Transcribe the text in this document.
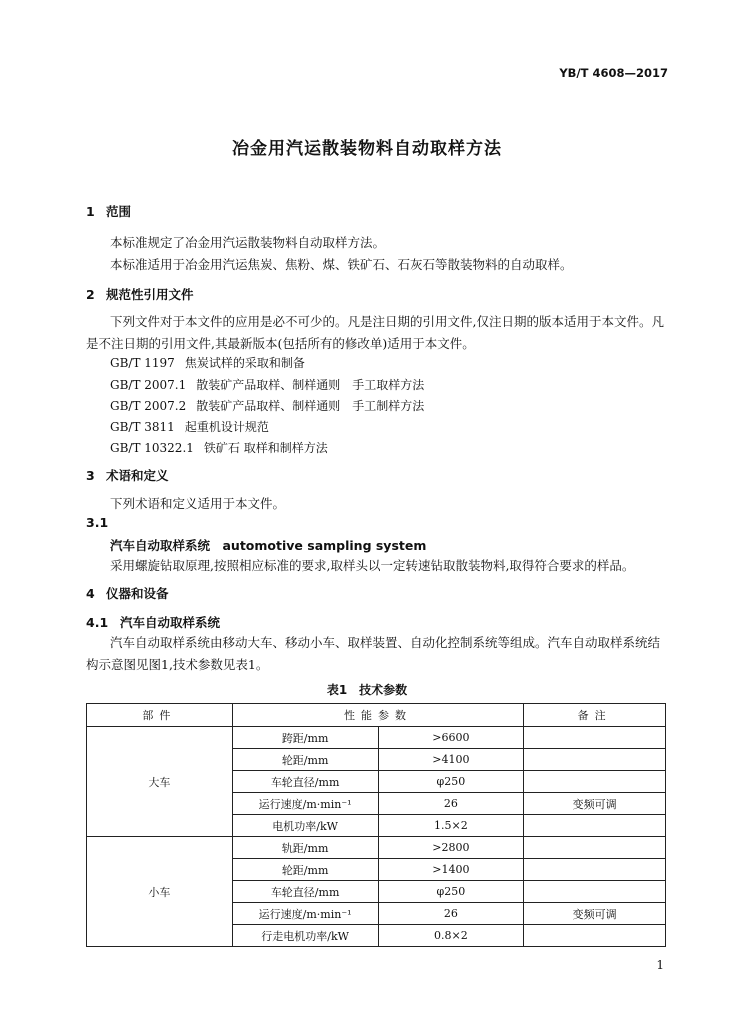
YB/T 4608—2017
冶金用汽运散装物料自动取样方法
1 范围
本标准规定了冶金用汽运散装物料自动取样方法。
本标准适用于冶金用汽运焦炭、焦粉、煤、铁矿石、石灰石等散装物料的自动取样。
2 规范性引用文件
下列文件对于本文件的应用是必不可少的。凡是注日期的引用文件,仅注日期的版本适用于本文件。凡是不注日期的引用文件,其最新版本(包括所有的修改单)适用于本文件。
GB/T 1197 焦炭试样的采取和制备
GB/T 2007.1 散装矿产品取样、制样通则　手工取样方法
GB/T 2007.2 散装矿产品取样、制样通则　手工制样方法
GB/T 3811 起重机设计规范
GB/T 10322.1 铁矿石 取样和制样方法
3 术语和定义
下列术语和定义适用于本文件。
3.1
汽车自动取样系统　automotive sampling system
采用螺旋钻取原理,按照相应标准的要求,取样头以一定转速钻取散装物料,取得符合要求的样品。
4 仪器和设备
4.1 汽车自动取样系统
汽车自动取样系统由移动大车、移动小车、取样装置、自动化控制系统等组成。汽车自动取样系统结构示意图见图1,技术参数见表1。
表1　技术参数
部件	性能参数		备注
大车	跨距/mm	>6600	
	轮距/mm	>4100	
	车轮直径/mm	φ250	
	运行速度/m·min⁻¹	26	变频可调
	电机功率/kW	1.5×2	
小车	轨距/mm	>2800	
	轮距/mm	>1400	
	车轮直径/mm	φ250	
	运行速度/m·min⁻¹	26	变频可调
	行走电机功率/kW	0.8×2	
1
